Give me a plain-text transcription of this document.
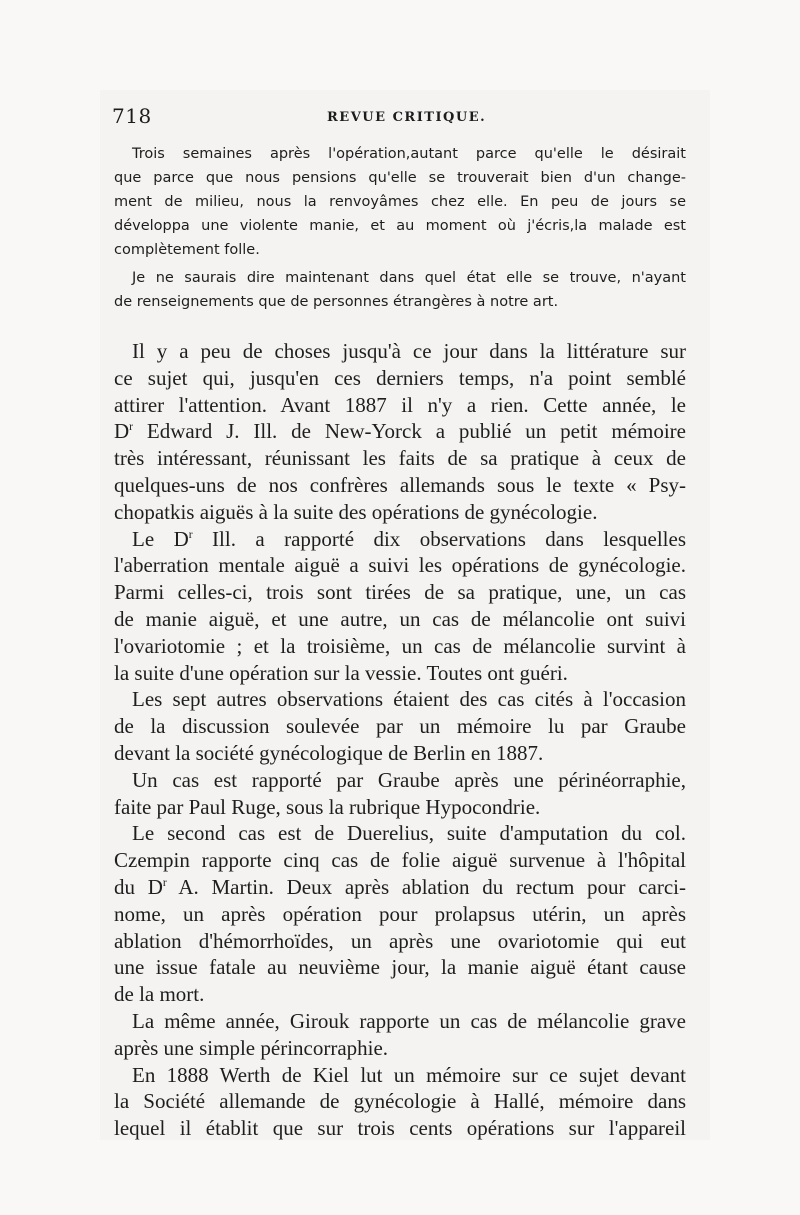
718	REVUE CRITIQUE.
Trois semaines après l'opération,autant parce qu'elle le désirait
que parce que nous pensions qu'elle se trouverait bien d'un change-
ment de milieu, nous la renvoyâmes chez elle. En peu de jours se
développa une violente manie, et au moment où j'écris,la malade est
complètement folle.
Je ne saurais dire maintenant dans quel état elle se trouve, n'ayant
de renseignements que de personnes étrangères à notre art.
Il y a peu de choses jusqu'à ce jour dans la littérature sur
ce sujet qui, jusqu'en ces derniers temps, n'a point semblé
attirer l'attention. Avant 1887 il n'y a rien. Cette année, le
$D^r$ Edward J. Ill. de New-Yorck a publié un petit mémoire
très intéressant, réunissant les faits de sa pratique à ceux de
quelques-uns de nos confrères allemands sous le texte « Psy-
chopatkis aiguës à la suite des opérations de gynécologie.
Le $D^r$ Ill. a rapporté dix observations dans lesquelles
l'aberration mentale aiguë a suivi les opérations de gynécologie.
Parmi celles-ci, trois sont tirées de sa pratique, une, un cas
de manie aiguë, et une autre, un cas de mélancolie ont suivi
l'ovariotomie ; et la troisième, un cas de mélancolie survint à
la suite d'une opération sur la vessie. Toutes ont guéri.
Les sept autres observations étaient des cas cités à l'occasion
de la discussion soulevée par un mémoire lu par Graube
devant la société gynécologique de Berlin en 1887.
Un cas est rapporté par Graube après une périnéorraphie,
faite par Paul Ruge, sous la rubrique Hypocondrie.
Le second cas est de Duerelius, suite d'amputation du col.
Czempin rapporte cinq cas de folie aiguë survenue à l'hôpital
du $D^r$ A. Martin. Deux après ablation du rectum pour carci-
nome, un après opération pour prolapsus utérin, un après
ablation d'hémorrhoïdes, un après une ovariotomie qui eut
une issue fatale au neuvième jour, la manie aiguë étant cause
de la mort.
La même année, Girouk rapporte un cas de mélancolie grave
après une simple périncorraphie.
En 1888 Werth de Kiel lut un mémoire sur ce sujet devant
la Société allemande de gynécologie à Hallé, mémoire dans
lequel il établit que sur trois cents opérations sur l'appareil
